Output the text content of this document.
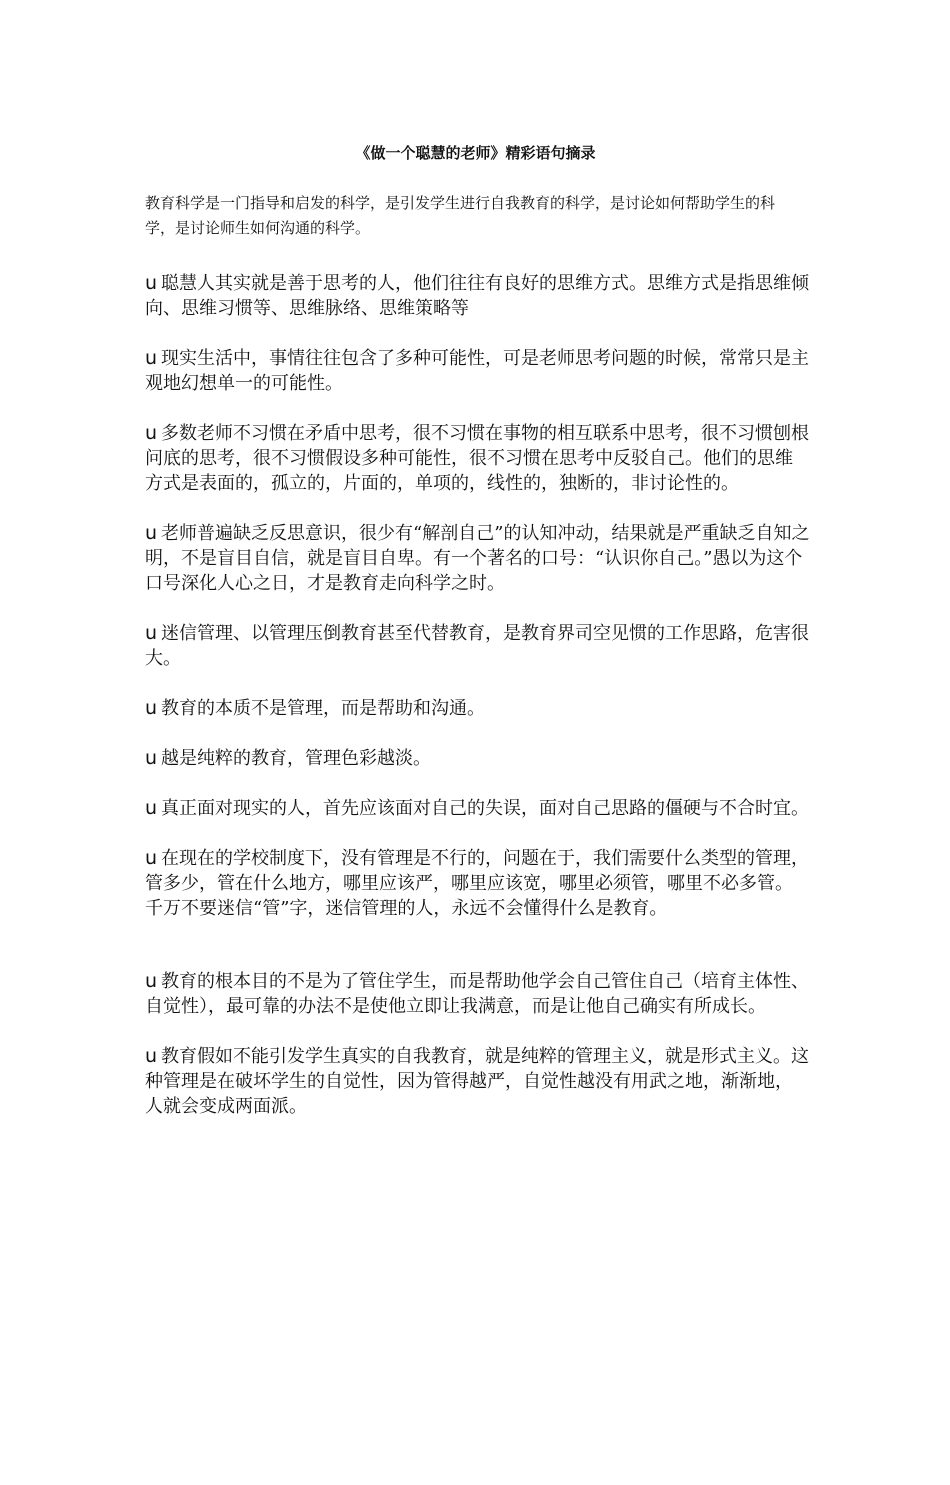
《做一个聪慧的老师》精彩语句摘录

教育科学是一门指导和启发的科学，是引发学生进行自我教育的科学，是讨论如何帮助学生的科学，是讨论师生如何沟通的科学。

u 聪慧人其实就是善于思考的人，他们往往有良好的思维方式。思维方式是指思维倾向、思维习惯等、思维脉络、思维策略等

u 现实生活中，事情往往包含了多种可能性，可是老师思考问题的时候，常常只是主观地幻想单一的可能性。

u 多数老师不习惯在矛盾中思考，很不习惯在事物的相互联系中思考，很不习惯刨根问底的思考，很不习惯假设多种可能性，很不习惯在思考中反驳自己。他们的思维方式是表面的，孤立的，片面的，单项的，线性的，独断的，非讨论性的。

u 老师普遍缺乏反思意识，很少有“解剖自己”的认知冲动，结果就是严重缺乏自知之明，不是盲目自信，就是盲目自卑。有一个著名的口号：“认识你自己。”愚以为这个口号深化人心之日，才是教育走向科学之时。

u 迷信管理、以管理压倒教育甚至代替教育，是教育界司空见惯的工作思路，危害很大。

u 教育的本质不是管理，而是帮助和沟通。

u 越是纯粹的教育，管理色彩越淡。

u 真正面对现实的人，首先应该面对自己的失误，面对自己思路的僵硬与不合时宜。

u 在现在的学校制度下，没有管理是不行的，问题在于，我们需要什么类型的管理，管多少，管在什么地方，哪里应该严，哪里应该宽，哪里必须管，哪里不必多管。千万不要迷信“管”字，迷信管理的人，永远不会懂得什么是教育。

u 教育的根本目的不是为了管住学生，而是帮助他学会自己管住自己（培育主体性、自觉性），最可靠的办法不是使他立即让我满意，而是让他自己确实有所成长。

u 教育假如不能引发学生真实的自我教育，就是纯粹的管理主义，就是形式主义。这种管理是在破坏学生的自觉性，因为管得越严，自觉性越没有用武之地，渐渐地，人就会变成两面派。
